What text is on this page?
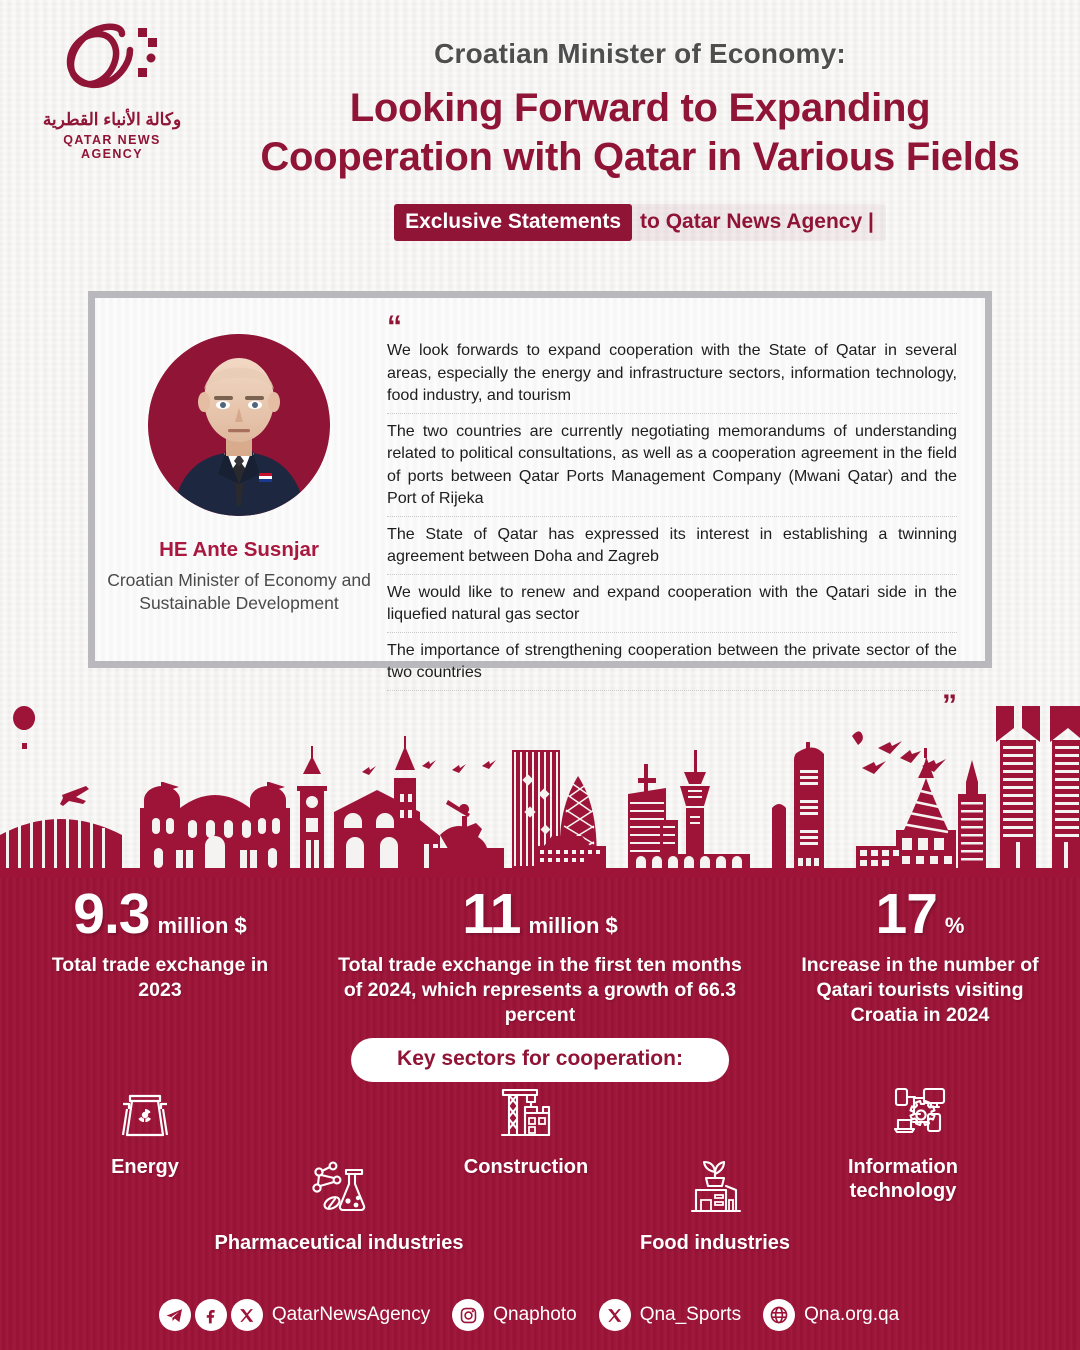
وكالة الأنباء القطرية
QATAR NEWS AGENCY
Croatian Minister of Economy:
Looking Forward to Expanding
Cooperation with Qatar in Various Fields
Exclusive Statements to Qatar News Agency |
HE Ante Susnjar
Croatian Minister of Economy and Sustainable Development
“
We look forwards to expand cooperation with the State of Qatar in several areas, especially the energy and infrastructure sectors, information technology, food industry, and tourism
The two countries are currently negotiating memorandums of understanding related to political consultations, as well as a cooperation agreement in the field of ports between Qatar Ports Management Company (Mwani Qatar) and the Port of Rijeka
The State of Qatar has expressed its interest in establishing a twinning agreement between Doha and Zagreb
We would like to renew and expand cooperation with the Qatari side in the liquefied natural gas sector
The importance of strengthening cooperation between the private sector of the two countries
”
9.3 million $
Total trade exchange in 2023
11 million $
Total trade exchange in the first ten months of 2024, which represents a growth of 66.3 percent
17 %
Increase in the number of Qatari tourists visiting Croatia in 2024
Key sectors for cooperation:
Energy
Pharmaceutical industries
Construction
Food industries
Information technology
QatarNewsAgency	Qnaphoto	Qna_Sports	Qna.org.qa
